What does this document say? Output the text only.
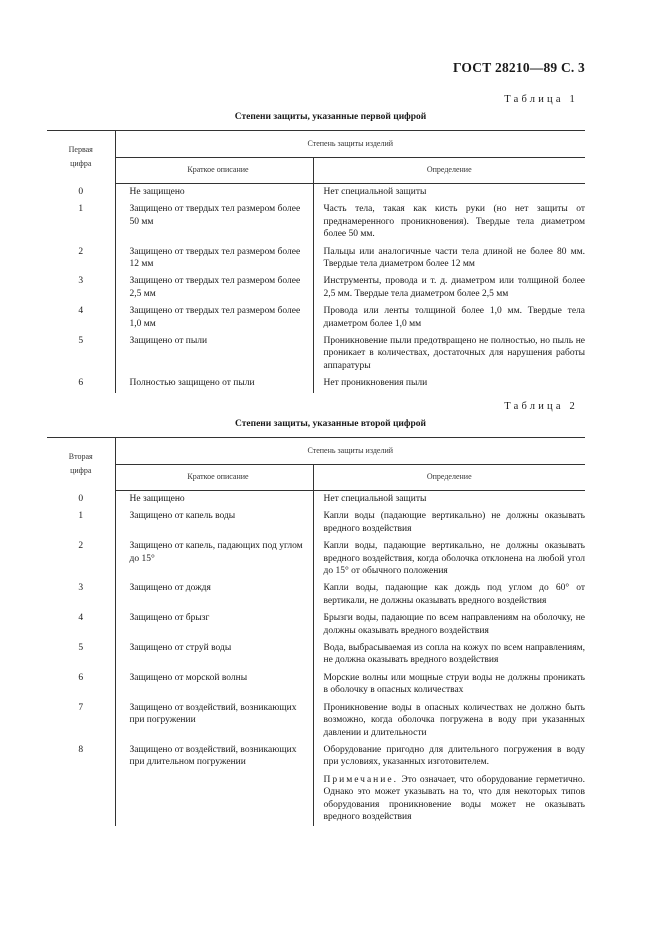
ГОСТ 28210—89 С. 3
Таблица 1
Степени защиты, указанные первой цифрой
Первая
цифра	Степень защиты изделий	
	Краткое описание	Определение
0	Не защищено	Нет специальной защиты
1	Защищено от твердых тел размером более 50 мм	Часть тела, такая как кисть руки (но нет защиты от преднамеренного проникновения). Твердые тела диаметром более 50 мм.
2	Защищено от твердых тел размером более 12 мм	Пальцы или аналогичные части тела длиной не более 80 мм. Твердые тела диаметром более 12 мм
3	Защищено от твердых тел размером более 2,5 мм	Инструменты, провода и т. д. диаметром или толщиной более 2,5 мм. Твердые тела диаметром более 2,5 мм
4	Защищено от твердых тел размером более 1,0 мм	Провода или ленты толщиной более 1,0 мм. Твердые тела диаметром более 1,0 мм
5	Защищено от пыли	Проникновение пыли предотвращено не полностью, но пыль не проникает в количествах, достаточных для нарушения работы аппаратуры
6	Полностью защищено от пыли	Нет проникновения пыли
Таблица 2
Степени защиты, указанные второй цифрой
Вторая
цифра	Степень защиты изделий	
	Краткое описание	Определение
0	Не защищено	Нет специальной защиты
1	Защищено от капель воды	Капли воды (падающие вертикально) не должны оказывать вредного воздействия
2	Защищено от капель, падающих под углом до 15°	Капли воды, падающие вертикально, не должны оказывать вредного воздействия, когда оболочка отклонена на любой угол до 15° от обычного положения
3	Защищено от дождя	Капли воды, падающие как дождь под углом до 60° от вертикали, не должны оказывать вредного воздействия
4	Защищено от брызг	Брызги воды, падающие по всем направлениям на оболочку, не должны оказывать вредного воздействия
5	Защищено от струй воды	Вода, выбрасываемая из сопла на кожух по всем направлениям, не должна оказывать вредного воздействия
6	Защищено от морской волны	Морские волны или мощные струи воды не должны проникать в оболочку в опасных количествах
7	Защищено от воздействий, возникающих при погружении	Проникновение воды в опасных количествах не должно быть возможно, когда оболочка погружена в воду при указанных давлении и длительности
8	Защищено от воздействий, возникающих при длительном погружении	Оборудование пригодно для длительного погружения в воду при условиях, указанных изготовителем.
		Примечание. Это означает, что оборудование герметично. Однако это может указывать на то, что для некоторых типов оборудования проникновение воды может не оказывать вредного воздействия
